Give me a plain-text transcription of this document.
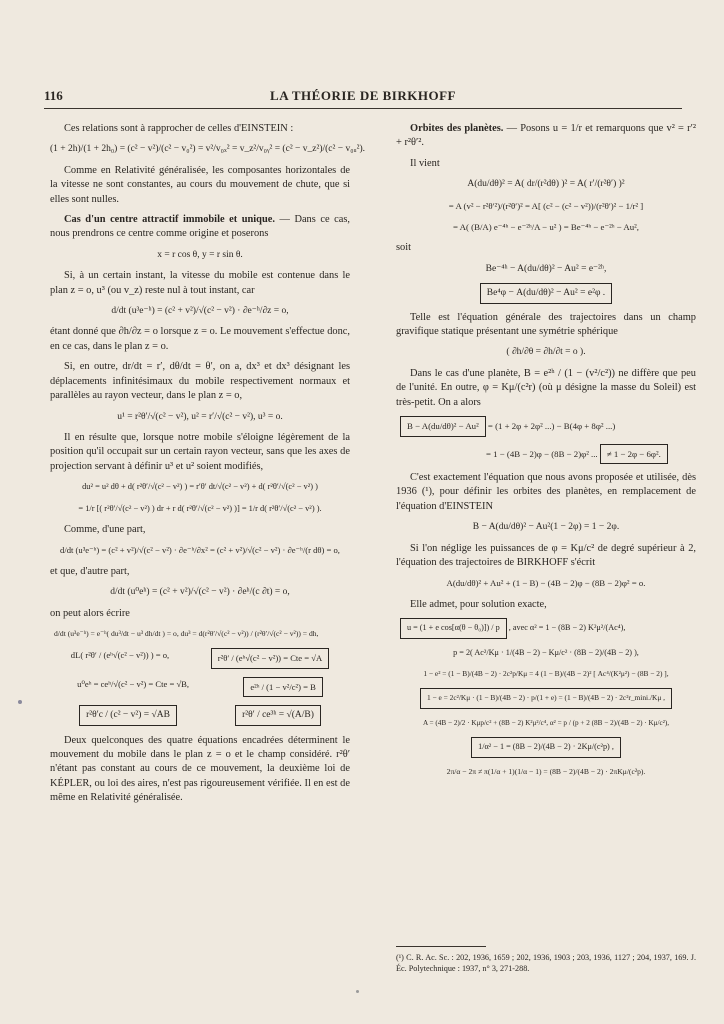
116	LA THÉORIE DE BIRKHOFF

Ces relations sont à rapprocher de celles d'EINSTEIN :

(1 + 2h)/(1 + 2h₀) = (c² − v²)/(c² − v₀²) = v²/v₀ₓ² = v_z²/v₀ᵧ² = (c² − v_z²)/(c² − v₀ᵤ²).

Comme en Relativité généralisée, les composantes horizontales de la vitesse ne sont constantes, au cours du mouvement de chute, que si elles sont nulles.

Cas d'un centre attractif immobile et unique. — Dans ce cas, nous prendrons ce centre comme origine et poserons

x = r cos θ, y = r sin θ.

Si, à un certain instant, la vitesse du mobile est contenue dans le plan z = o, u³ (ou v_z) reste nul à tout instant, car

d/dt (u³e⁻ʰ) = (c² + v²)/√(c² − v²) · ∂e⁻ʰ/∂z = o,

étant donné que ∂h/∂z = o lorsque z = o. Le mouvement s'effectue donc, en ce cas, dans le plan z = o.

Si, en outre, dr/dt = r′, dθ/dt = θ′, on a, dx³ et dx³ désignant les déplacements infinitésimaux du mobile respectivement normaux et parallèles au rayon vecteur, dans le plan z = o,

u¹ = r²θ′/√(c² − v²), u² = r′/√(c² − v²), u³ = o.

Il en résulte que, lorsque notre mobile s'éloigne légèrement de la position qu'il occupait sur un certain rayon vecteur, sans que les axes de projection servant à définir u³ et u² soient modifiés,

du² = u² dθ + d( r²θ′/√(c² − v²) ) = r′θ′ dt/√(c² − v²) + d( r²θ′/√(c² − v²) )
= 1/r [( r²θ′/√(c² − v²) ) dr + r d( r²θ′/√(c² − v²) )] = 1/r d( r²θ′/√(c² − v²) ).

Comme, d'une part,

d/dt (u³e⁻ʰ) = (c² + v²)/√(c² − v²) · ∂e⁻ʰ/∂x² = (c² + v²)/√(c² − v²) · ∂e⁻ʰ/(r dθ) = o,

et que, d'autre part,

d/dt (u⁰eʰ) = (c² + v²)/√(c² − v²) · ∂eʰ/(c ∂t) = o,

on peut alors écrire

d/dt (u³e⁻ʰ) = e⁻ʰ( du³/dt − u³ dh/dt ) = o, du³ = d(r²θ′/√(c² − v²)) / (r²θ′/√(c² − v²)) = dh,
dL( r²θ′ / (eʰ√(c² − v²)) ) = o,	r²θ′ / (eʰ√(c² − v²)) = Cte = √A
u⁰eʰ = ceʰ/√(c² − v²) = Cte = √B,	e²ʰ / (1 − v²/c²) = B
r²θ′c / (c² − v²) = √AB	r²θ′ / ce³ʰ = √(A/B)

Deux quelconques des quatre équations encadrées déterminent le mouvement du mobile dans le plan z = o et le champ considéré. r²θ′ n'étant pas constant au cours de ce mouvement, la deuxième loi de KÉPLER, ou loi des aires, n'est pas rigoureusement vérifiée. Il en est de même en Relativité généralisée.

Orbites des planètes. — Posons u = 1/r et remarquons que v² = r′² + r²θ′².

Il vient

A(du/dθ)² = A( dr/(r²dθ) )² = A( r′/(r²θ′) )²
= A (v² − r²θ′²)/(r²θ′)² = A[ (c² − (c² − v²))/(r²θ′)² − 1/r² ]
= A( (B/A) e⁻⁴ʰ − e⁻²ʰ/A − u² ) = Be⁻⁴ʰ − e⁻²ʰ − Au²,

soit

Be⁻⁴ʰ − A(du/dθ)² − Au² = e⁻²ʰ,
Be⁴φ − A(du/dθ)² − Au² = e²φ .

Telle est l'équation générale des trajectoires dans un champ gravifique statique présentant une symétrie sphérique

( ∂h/∂θ = ∂h/∂t = o ).

Dans le cas d'une planète, B = e²ʰ / (1 − (v²/c²)) ne diffère que peu de l'unité. En outre, φ = Kμ/(c²r) (où μ désigne la masse du Soleil) est très-petit. On a alors

B − A(du/dθ)² − Au² = (1 + 2φ + 2φ² ...) − B(4φ + 8φ² ...)
= 1 − (4B − 2)φ − (8B − 2)φ² ... ≠ 1 − 2φ − 6φ².

C'est exactement l'équation que nous avons proposée et utilisée, dès 1936 (¹), pour définir les orbites des planètes, en remplacement de l'équation d'EINSTEIN

B − A(du/dθ)² − Au²(1 − 2φ) = 1 − 2φ.

Si l'on néglige les puissances de φ = Kμ/c² de degré supérieur à 2, l'équation des trajectoires de BIRKHOFF s'écrit

A(du/dθ)² + Au² + (1 − B) − (4B − 2)φ − (8B − 2)φ² = o.

Elle admet, pour solution exacte,

u = (1 + e cos[α(θ − θ₀)]) / p , avec α² = 1 − (8B − 2) K²μ²/(Ac⁴),
p = 2( Ac²/Kμ · 1/(4B − 2) − Kμ/c² · (8B − 2)/(4B − 2) ),
1 − e² = (1 − B)/(4B − 2) · 2c²p/Kμ = 4 (1 − B)/(4B − 2)² [ Ac⁴/(K²μ²) − (8B − 2) ],
1 − e = 2c²/Kμ · (1 − B)/(4B − 2) · p/(1 + e) = (1 − B)/(4B − 2) · 2c²r_mini./Kμ ,
A = (4B − 2)/2 · Kμp/c² + (8B − 2) K²μ²/c⁴, α² = p / (p + 2 (8B − 2)/(4B − 2) · Kμ/c²),
1/α² − 1 = (8B − 2)/(4B − 2) · 2Kμ/(c²p) ,
2π/α − 2π ≠ π(1/α + 1)(1/α − 1) = (8B − 2)/(4B − 2) · 2πKμ/(c²p).

(¹) C. R. Ac. Sc. : 202, 1936, 1659 ; 202, 1936, 1903 ; 203, 1936, 1127 ; 204, 1937, 169. J. Éc. Polytechnique : 1937, n° 3, 271-288.
